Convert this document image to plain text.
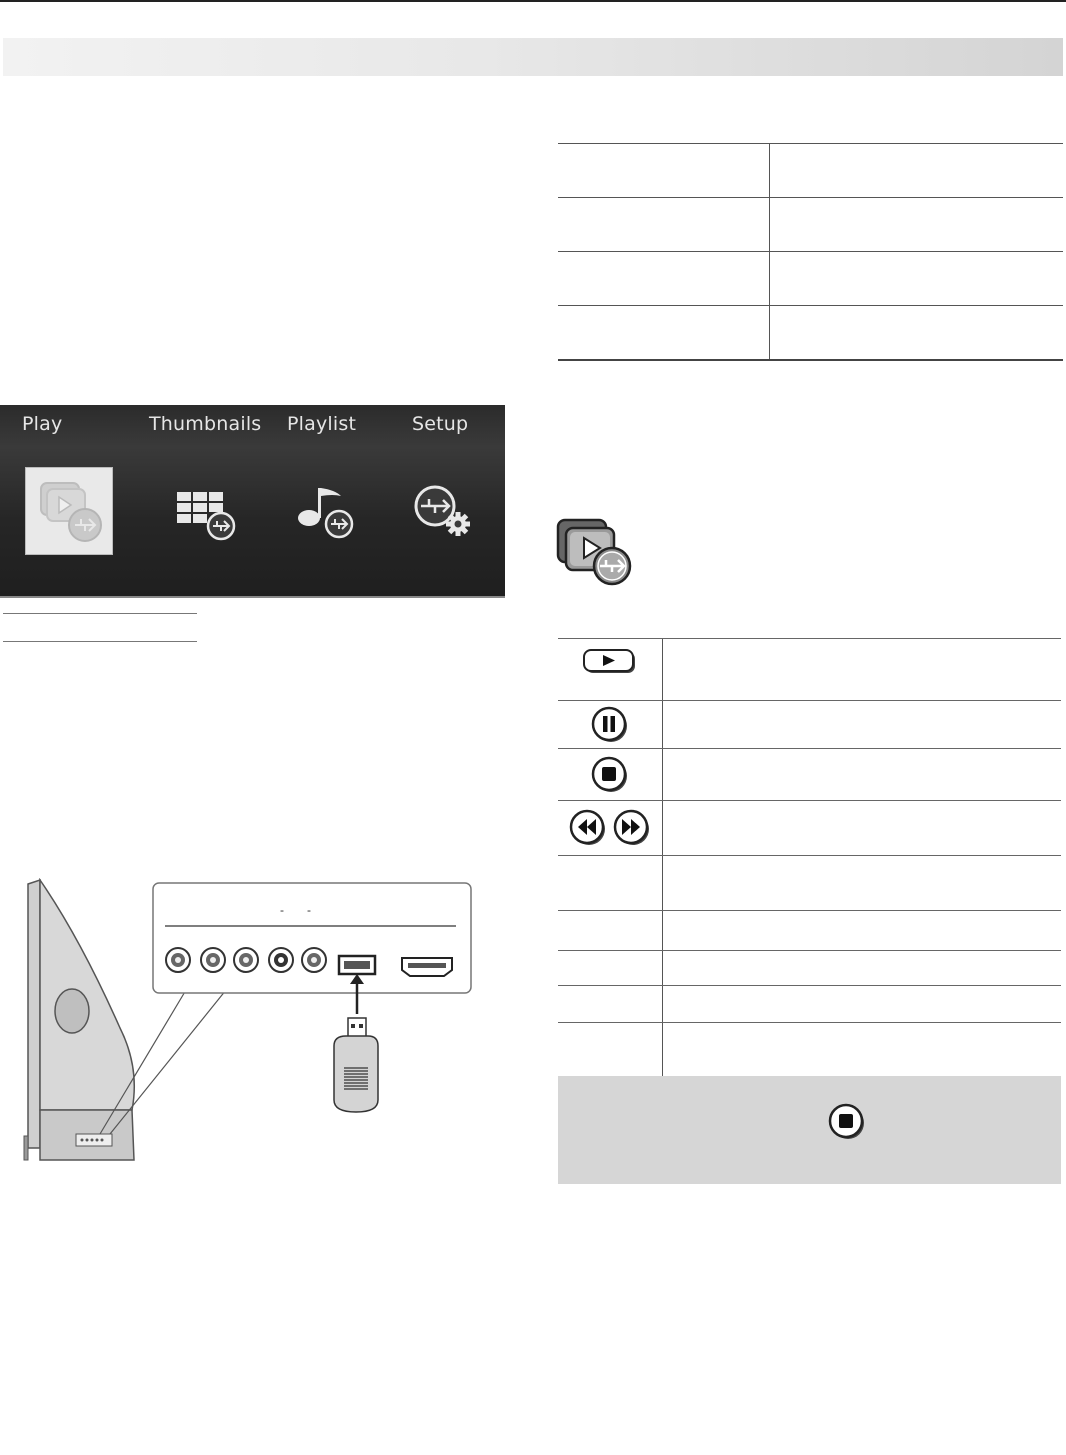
Play	Thumbnails Playlist	Setup
- -
